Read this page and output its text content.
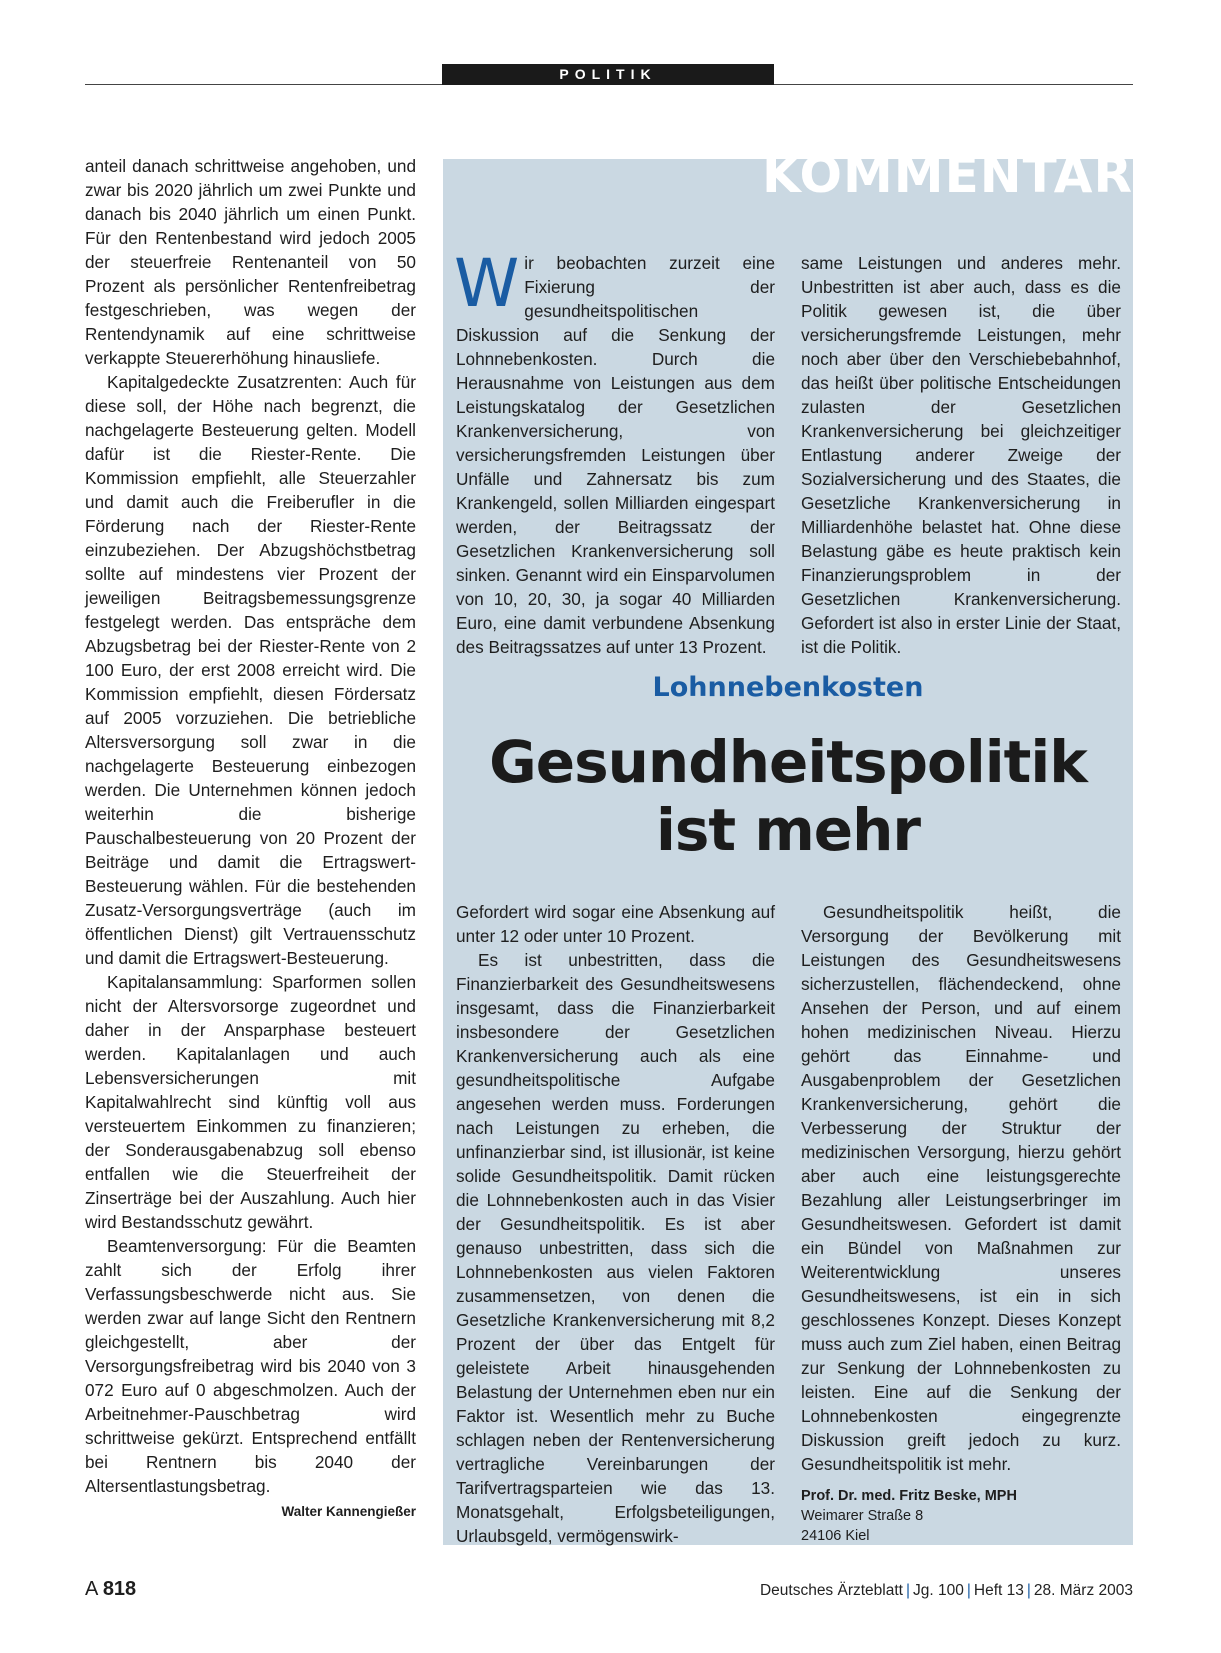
POLITIK

anteil danach schrittweise angehoben, und zwar bis 2020 jährlich um zwei Punkte und danach bis 2040 jährlich um einen Punkt. Für den Rentenbestand wird jedoch 2005 der steuerfreie Rentenanteil von 50 Prozent als persönlicher Rentenfreibetrag festgeschrieben, was wegen der Rentendynamik auf eine schrittweise verkappte Steuererhöhung hinausliefe.

Kapitalgedeckte Zusatzrenten: Auch für diese soll, der Höhe nach begrenzt, die nachgelagerte Besteuerung gelten. Modell dafür ist die Riester-Rente. Die Kommission empfiehlt, alle Steuerzahler und damit auch die Freiberufler in die Förderung nach der Riester-Rente einzubeziehen. Der Abzugshöchstbetrag sollte auf mindestens vier Prozent der jeweiligen Beitragsbemessungsgrenze festgelegt werden. Das entspräche dem Abzugsbetrag bei der Riester-Rente von 2 100 Euro, der erst 2008 erreicht wird. Die Kommission empfiehlt, diesen Fördersatz auf 2005 vorzuziehen. Die betriebliche Altersversorgung soll zwar in die nachgelagerte Besteuerung einbezogen werden. Die Unternehmen können jedoch weiterhin die bisherige Pauschalbesteuerung von 20 Prozent der Beiträge und damit die Ertragswert-Besteuerung wählen. Für die bestehenden Zusatz-Versorgungsverträge (auch im öffentlichen Dienst) gilt Vertrauensschutz und damit die Ertragswert-Besteuerung.

Kapitalansammlung: Sparformen sollen nicht der Altersvorsorge zugeordnet und daher in der Ansparphase besteuert werden. Kapitalanlagen und auch Lebensversicherungen mit Kapitalwahlrecht sind künftig voll aus versteuertem Einkommen zu finanzieren; der Sonderausgabenabzug soll ebenso entfallen wie die Steuerfreiheit der Zinserträge bei der Auszahlung. Auch hier wird Bestandsschutz gewährt.

Beamtenversorgung: Für die Beamten zahlt sich der Erfolg ihrer Verfassungsbeschwerde nicht aus. Sie werden zwar auf lange Sicht den Rentnern gleichgestellt, aber der Versorgungsfreibetrag wird bis 2040 von 3 072 Euro auf 0 abgeschmolzen. Auch der Arbeitnehmer-Pauschbetrag wird schrittweise gekürzt. Entsprechend entfällt bei Rentnern bis 2040 der Altersentlastungsbetrag.
Walter Kannengießer

KOMMENTAR

Wir beobachten zurzeit eine Fixierung der gesundheitspolitischen Diskussion auf die Senkung der Lohnnebenkosten. Durch die Herausnahme von Leistungen aus dem Leistungskatalog der Gesetzlichen Krankenversicherung, von versicherungsfremden Leistungen über Unfälle und Zahnersatz bis zum Krankengeld, sollen Milliarden eingespart werden, der Beitragssatz der Gesetzlichen Krankenversicherung soll sinken. Genannt wird ein Einsparvolumen von 10, 20, 30, ja sogar 40 Milliarden Euro, eine damit verbundene Absenkung des Beitragssatzes auf unter 13 Prozent.

same Leistungen und anderes mehr. Unbestritten ist aber auch, dass es die Politik gewesen ist, die über versicherungsfremde Leistungen, mehr noch aber über den Verschiebebahnhof, das heißt über politische Entscheidungen zulasten der Gesetzlichen Krankenversicherung bei gleichzeitiger Entlastung anderer Zweige der Sozialversicherung und des Staates, die Gesetzliche Krankenversicherung in Milliardenhöhe belastet hat. Ohne diese Belastung gäbe es heute praktisch kein Finanzierungsproblem in der Gesetzlichen Krankenversicherung. Gefordert ist also in erster Linie der Staat, ist die Politik.

Lohnnebenkosten
Gesundheitspolitik
ist mehr

Gefordert wird sogar eine Absenkung auf unter 12 oder unter 10 Prozent.

Es ist unbestritten, dass die Finanzierbarkeit des Gesundheitswesens insgesamt, dass die Finanzierbarkeit insbesondere der Gesetzlichen Krankenversicherung auch als eine gesundheitspolitische Aufgabe angesehen werden muss. Forderungen nach Leistungen zu erheben, die unfinanzierbar sind, ist illusionär, ist keine solide Gesundheitspolitik. Damit rücken die Lohnnebenkosten auch in das Visier der Gesundheitspolitik. Es ist aber genauso unbestritten, dass sich die Lohnnebenkosten aus vielen Faktoren zusammensetzen, von denen die Gesetzliche Krankenversicherung mit 8,2 Prozent der über das Entgelt für geleistete Arbeit hinausgehenden Belastung der Unternehmen eben nur ein Faktor ist. Wesentlich mehr zu Buche schlagen neben der Rentenversicherung vertragliche Vereinbarungen der Tarifvertragsparteien wie das 13. Monatsgehalt, Erfolgsbeteiligungen, Urlaubsgeld, vermögenswirk-

Gesundheitspolitik heißt, die Versorgung der Bevölkerung mit Leistungen des Gesundheitswesens sicherzustellen, flächendeckend, ohne Ansehen der Person, und auf einem hohen medizinischen Niveau. Hierzu gehört das Einnahme- und Ausgabenproblem der Gesetzlichen Krankenversicherung, gehört die Verbesserung der Struktur der medizinischen Versorgung, hierzu gehört aber auch eine leistungsgerechte Bezahlung aller Leistungserbringer im Gesundheitswesen. Gefordert ist damit ein Bündel von Maßnahmen zur Weiterentwicklung unseres Gesundheitswesens, ist ein in sich geschlossenes Konzept. Dieses Konzept muss auch zum Ziel haben, einen Beitrag zur Senkung der Lohnnebenkosten zu leisten. Eine auf die Senkung der Lohnnebenkosten eingegrenzte Diskussion greift jedoch zu kurz. Gesundheitspolitik ist mehr.

Prof. Dr. med. Fritz Beske, MPH
Weimarer Straße 8
24106 Kiel
A 818	Deutsches Ärzteblatt | Jg. 100 | Heft 13 | 28. März 2003
